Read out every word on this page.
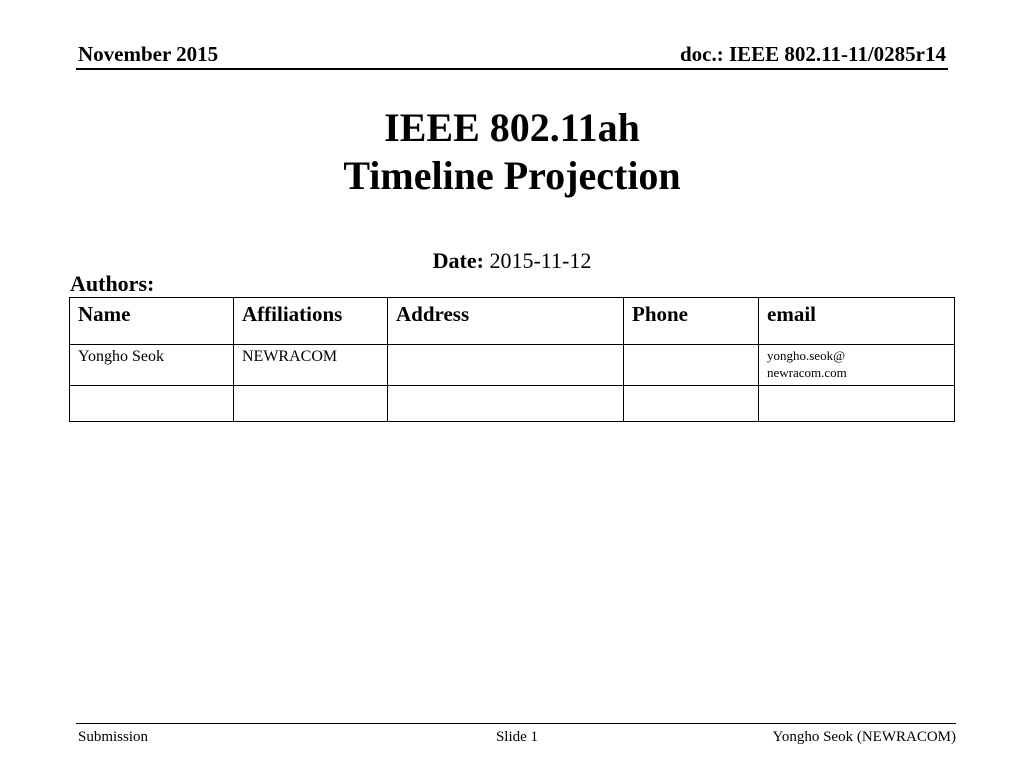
November 2015	doc.: IEEE 802.11-11/0285r14
IEEE 802.11ah
Timeline Projection
Date: 2015-11-12
Authors:
Name	Affiliations	Address	Phone	email
Yongho Seok	NEWRACOM			yongho.seok@
newracom.com

Submission	Slide 1	Yongho Seok (NEWRACOM)
